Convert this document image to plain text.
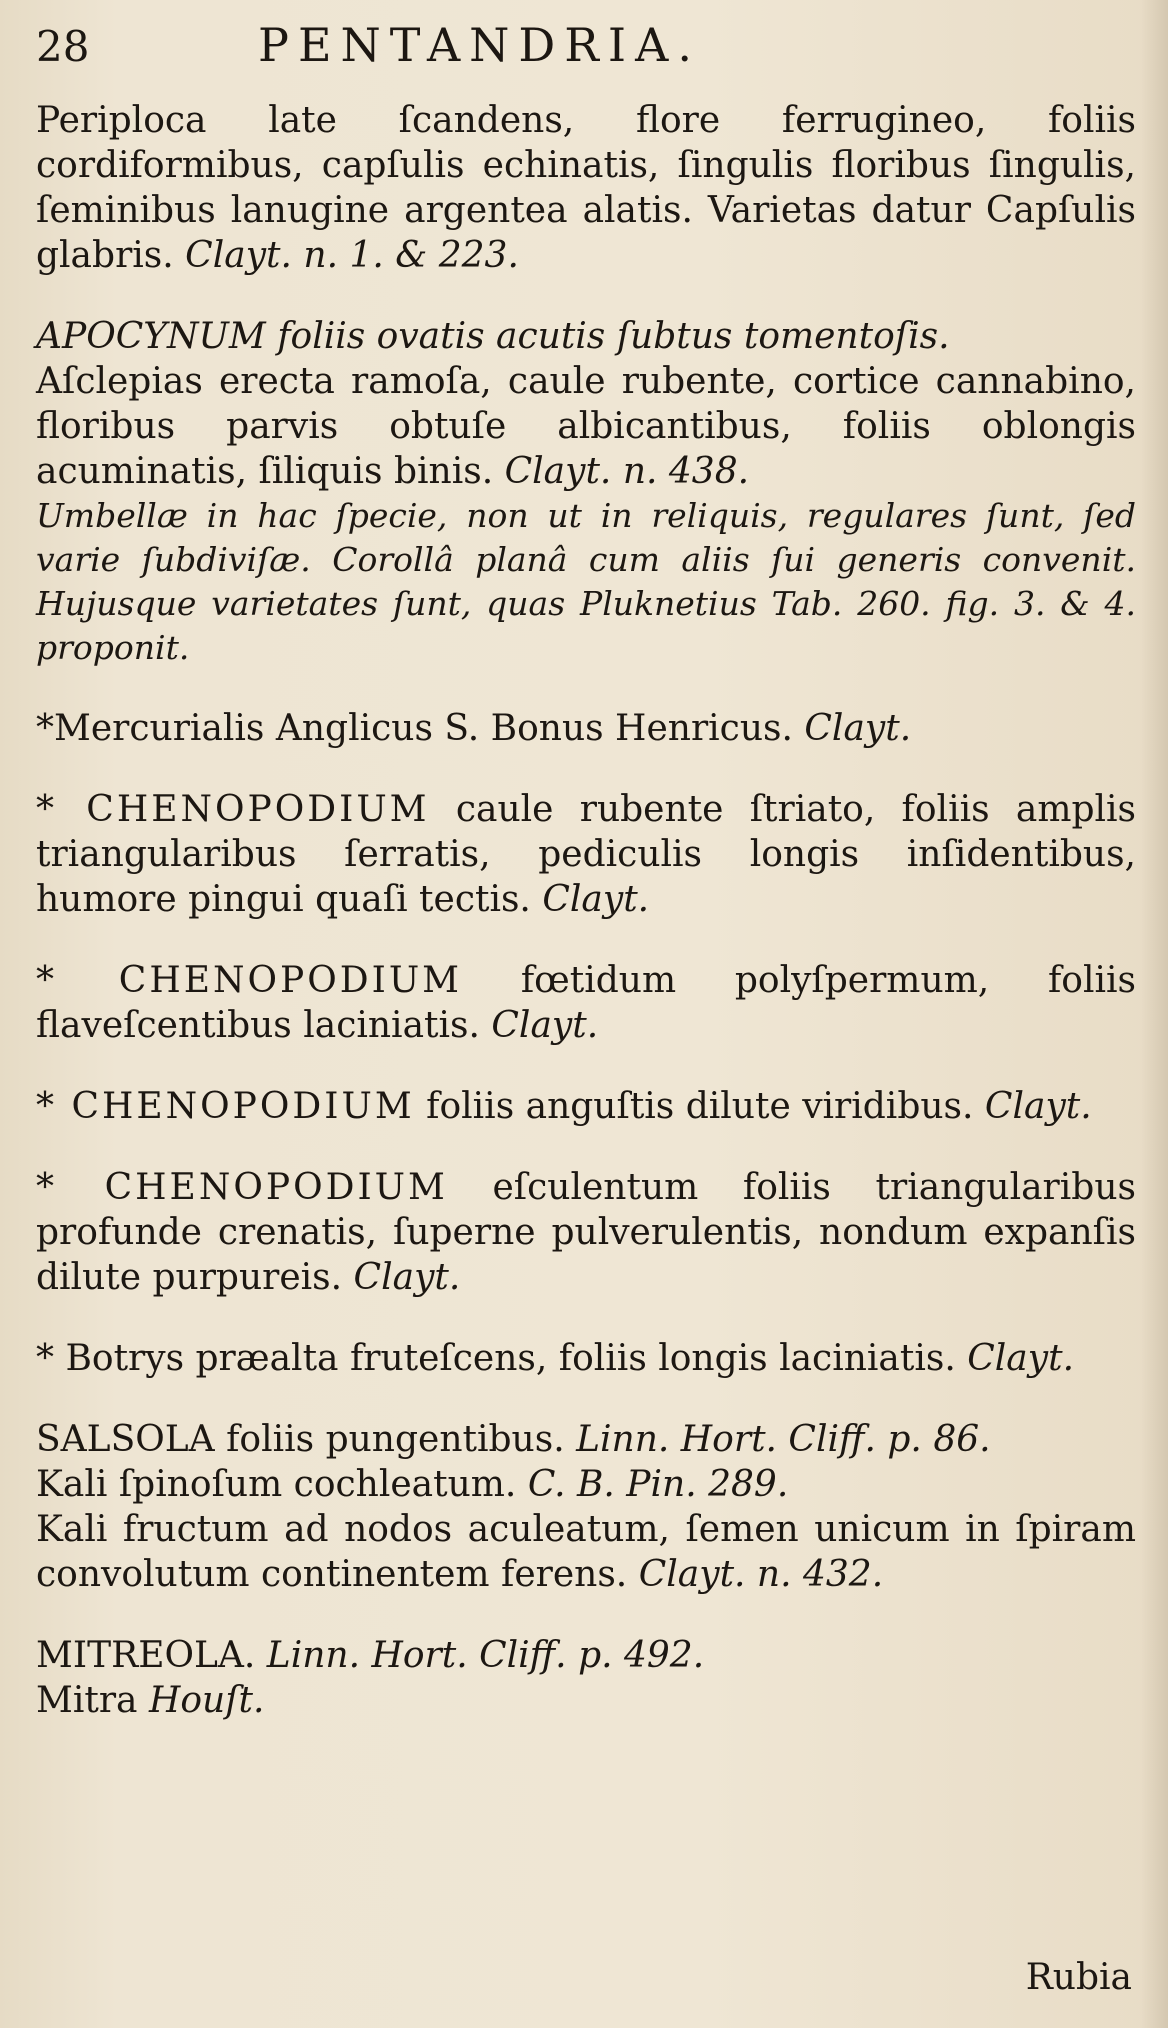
28	PENTANDRIA.

Periploca late ſcandens, flore ferrugineo, foliis cordiformibus, capſulis echinatis, ſingulis floribus ſingulis, ſeminibus lanugine argentea alatis. Varietas datur Capſulis glabris. Clayt. n. 1. & 223.

APOCYNUM foliis ovatis acutis ſubtus tomentoſis.

Aſclepias erecta ramoſa, caule rubente, cortice cannabino, floribus parvis obtuſe albicantibus, foliis oblongis acuminatis, ſiliquis binis. Clayt. n. 438.

Umbellæ in hac ſpecie, non ut in reliquis, regulares ſunt, ſed varie ſubdiviſæ. Corollâ planâ cum aliis ſui generis convenit. Hujusque varietates ſunt, quas Pluknetius Tab. 260. fig. 3. & 4. proponit.

*Mercurialis Anglicus S. Bonus Henricus. Clayt.

* CHENOPODIUM caule rubente ſtriato, foliis amplis triangularibus ſerratis, pediculis longis inſidentibus, humore pingui quaſi tectis. Clayt.

* CHENOPODIUM fœtidum polyſpermum, foliis flaveſcentibus laciniatis. Clayt.

* CHENOPODIUM foliis anguſtis dilute viridibus. Clayt.

* CHENOPODIUM eſculentum foliis triangularibus profunde crenatis, ſuperne pulverulentis, nondum expanſis dilute purpureis. Clayt.

* Botrys præalta fruteſcens, foliis longis laciniatis. Clayt.

SALSOLA foliis pungentibus. Linn. Hort. Cliff. p. 86.

Kali ſpinoſum cochleatum. C. B. Pin. 289.

Kali fructum ad nodos aculeatum, ſemen unicum in ſpiram convolutum continentem ferens. Clayt. n. 432.

MITREOLA. Linn. Hort. Cliff. p. 492.

Mitra Houſt.

Rubia
